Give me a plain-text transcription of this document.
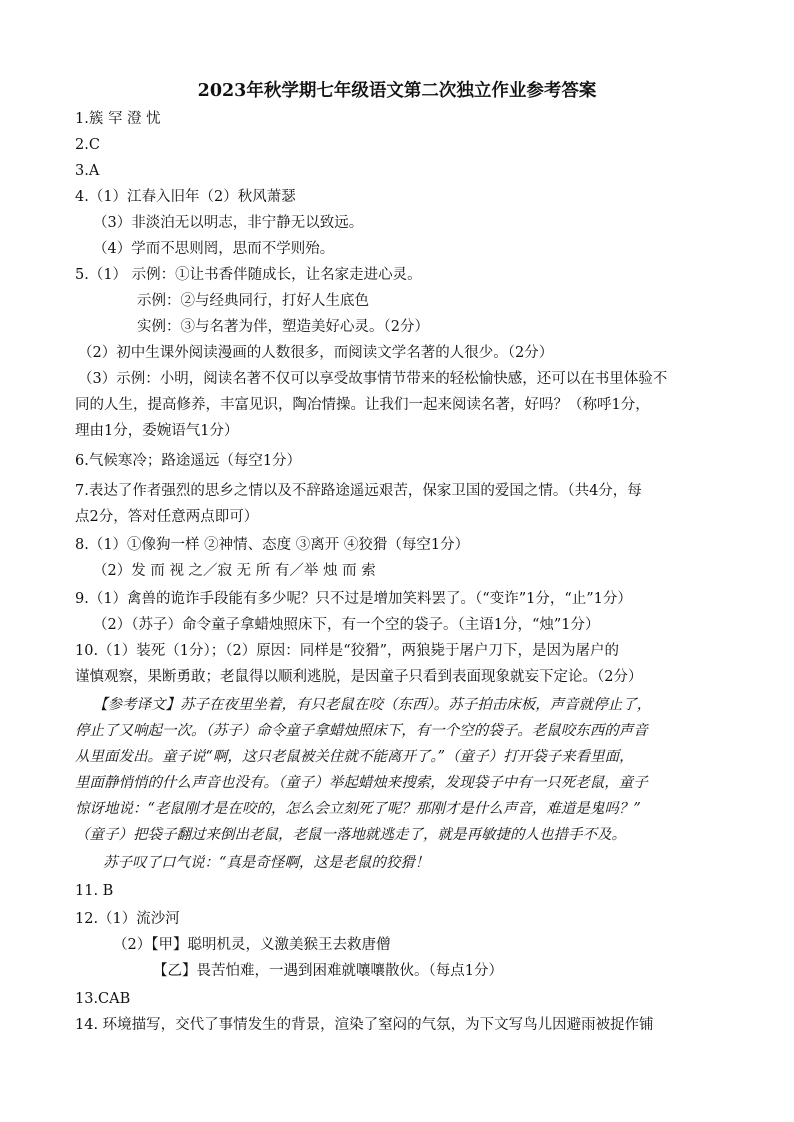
2023年秋学期七年级语文第二次独立作业参考答案
1.簇 罕 澄 忧
2.C
3.A
4.（1）江春入旧年（2）秋风萧瑟
（3）非淡泊无以明志，非宁静无以致远。
（4）学而不思则罔，思而不学则殆。
5.（1） 示例：①让书香伴随成长，让名家走进心灵。
示例：②与经典同行，打好人生底色
实例：③与名著为伴，塑造美好心灵。（2分）
（2）初中生课外阅读漫画的人数很多，而阅读文学名著的人很少。（2分）
（3）示例：小明，阅读名著不仅可以享受故事情节带来的轻松愉快感，还可以在书里体验不
同的人生，提高修养，丰富见识，陶冶情操。让我们一起来阅读名著，好吗？（称呼1分，
理由1分，委婉语气1分）
6.气候寒冷；路途遥远（每空1分）
7.表达了作者强烈的思乡之情以及不辞路途遥远艰苦，保家卫国的爱国之情。（共4分，每
点2分，答对任意两点即可）
8.（1）①像狗一样 ②神情、态度 ③离开 ④狡猾（每空1分）
（2）发 而 视 之／寂 无 所 有／举 烛 而 索
9.（1）禽兽的诡诈手段能有多少呢？只不过是增加笑料罢了。（“变诈”1分，“止”1分）
（2）（苏子）命令童子拿蜡烛照床下，有一个空的袋子。（主语1分，“烛”1分）
10.（1）装死（1分）；（2）原因：同样是“狡猾”，两狼毙于屠户刀下，是因为屠户的
谨慎观察，果断勇敢；老鼠得以顺利逃脱，是因童子只看到表面现象就妄下定论。（2分）
【参考译文】苏子在夜里坐着，有只老鼠在咬（东西）。苏子拍击床板，声音就停止了，
停止了又响起一次。（苏子）命令童子拿蜡烛照床下，有一个空的袋子。老鼠咬东西的声音
从里面发出。童子说“啊，这只老鼠被关住就不能离开了。”（童子）打开袋子来看里面，
里面静悄悄的什么声音也没有。（童子）举起蜡烛来搜索，发现袋子中有一只死老鼠，童子
惊讶地说：“老鼠刚才是在咬的，怎么会立刻死了呢？那刚才是什么声音，难道是鬼吗？”
（童子）把袋子翻过来倒出老鼠，老鼠一落地就逃走了，就是再敏捷的人也措手不及。
苏子叹了口气说：“真是奇怪啊，这是老鼠的狡猾！
11. B
12.（1）流沙河
（2）【甲】聪明机灵，义激美猴王去救唐僧
【乙】畏苦怕难，一遇到困难就嚷嚷散伙。（每点1分）
13.CAB
14. 环境描写，交代了事情发生的背景，渲染了窒闷的气氛，为下文写鸟儿因避雨被捉作铺
